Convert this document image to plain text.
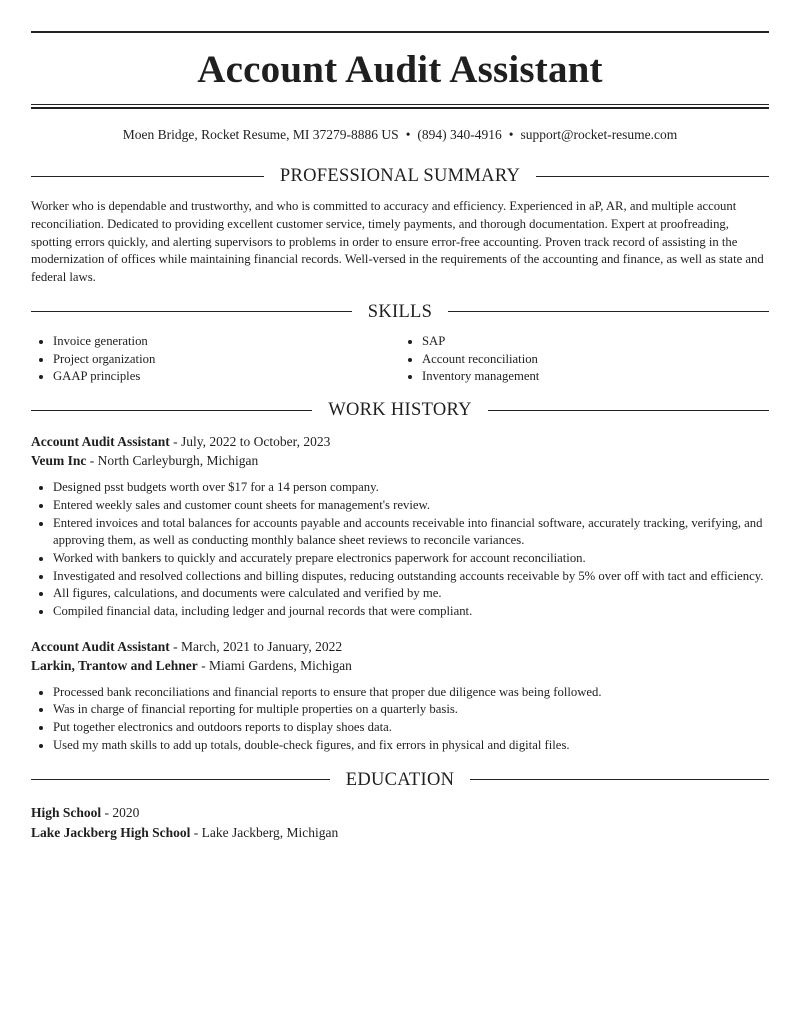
Account Audit Assistant
Moen Bridge, Rocket Resume, MI 37279-8886 US • (894) 340-4916 • support@rocket-resume.com
PROFESSIONAL SUMMARY
Worker who is dependable and trustworthy, and who is committed to accuracy and efficiency. Experienced in aP, AR, and multiple account reconciliation. Dedicated to providing excellent customer service, timely payments, and thorough documentation. Expert at proofreading, spotting errors quickly, and alerting supervisors to problems in order to ensure error-free accounting. Proven track record of assisting in the modernization of offices while maintaining financial records. Well-versed in the requirements of the accounting and finance, as well as state and federal laws.
SKILLS
• Invoice generation
• Project organization
• GAAP principles
• SAP
• Account reconciliation
• Inventory management
WORK HISTORY
Account Audit Assistant - July, 2022 to October, 2023
Veum Inc - North Carleyburgh, Michigan
• Designed psst budgets worth over $17 for a 14 person company.
• Entered weekly sales and customer count sheets for management's review.
• Entered invoices and total balances for accounts payable and accounts receivable into financial software, accurately tracking, verifying, and approving them, as well as conducting monthly balance sheet reviews to reconcile variances.
• Worked with bankers to quickly and accurately prepare electronics paperwork for account reconciliation.
• Investigated and resolved collections and billing disputes, reducing outstanding accounts receivable by 5% over off with tact and efficiency.
• All figures, calculations, and documents were calculated and verified by me.
• Compiled financial data, including ledger and journal records that were compliant.
Account Audit Assistant - March, 2021 to January, 2022
Larkin, Trantow and Lehner - Miami Gardens, Michigan
• Processed bank reconciliations and financial reports to ensure that proper due diligence was being followed.
• Was in charge of financial reporting for multiple properties on a quarterly basis.
• Put together electronics and outdoors reports to display shoes data.
• Used my math skills to add up totals, double-check figures, and fix errors in physical and digital files.
EDUCATION
High School - 2020
Lake Jackberg High School - Lake Jackberg, Michigan
